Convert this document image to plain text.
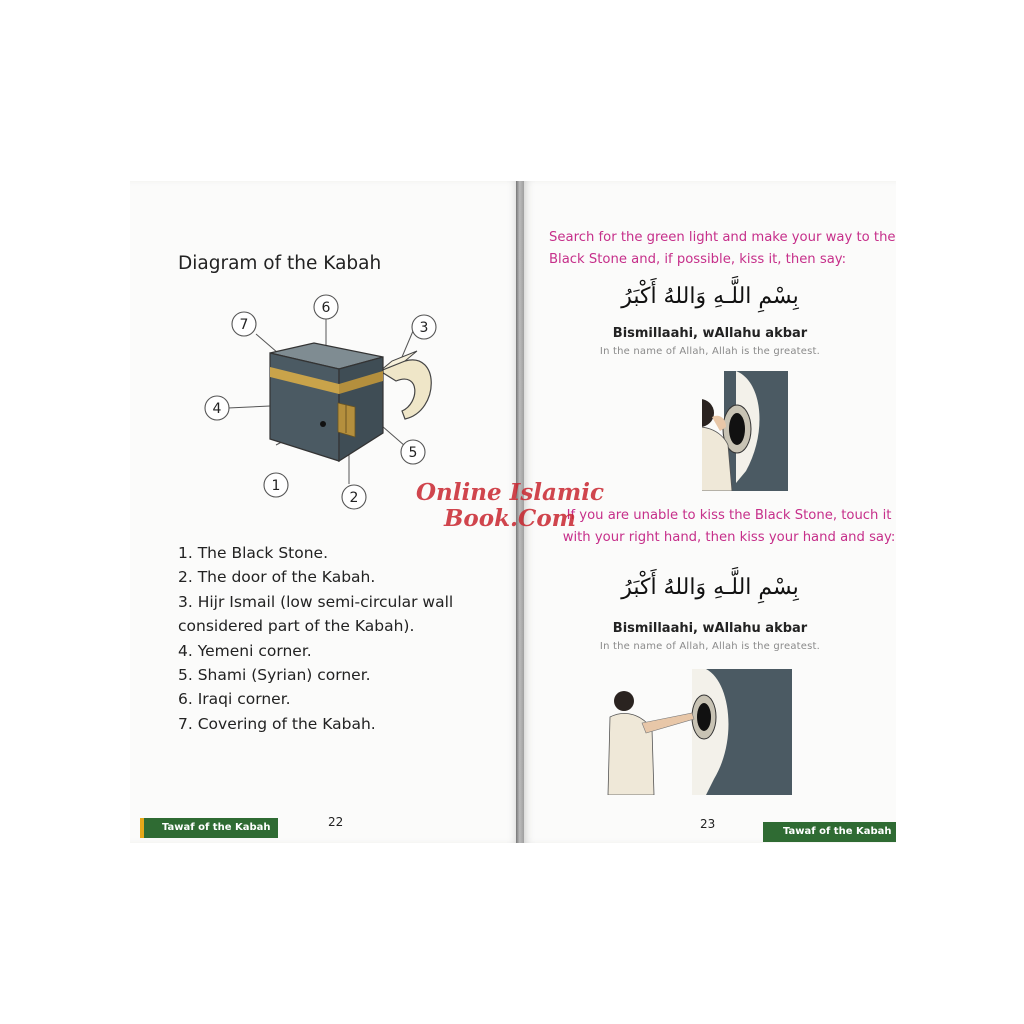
Diagram of the Kabah
1
2
3
4
5
6
7
1. The Black Stone.
2. The door of the Kabah.
3. Hijr Ismail (low semi-circular wall
considered part of the Kabah).
4. Yemeni corner.
5. Shami (Syrian) corner.
6. Iraqi corner.
7. Covering of the Kabah.
Tawaf of the Kabah	22
Search for the green light and make your way to the Black Stone and, if possible, kiss it, then say:
بِسْمِ اللَّـهِ وَاللهُ أَكْبَرُ
Bismillaahi, wAllahu akbar
In the name of Allah, Allah is the greatest.
If you are unable to kiss the Black Stone, touch it with your right hand, then kiss your hand and say:
بِسْمِ اللَّـهِ وَاللهُ أَكْبَرُ
Bismillaahi, wAllahu akbar
In the name of Allah, Allah is the greatest.
Tawaf of the Kabah
23
Online Islamic
Book.Com
